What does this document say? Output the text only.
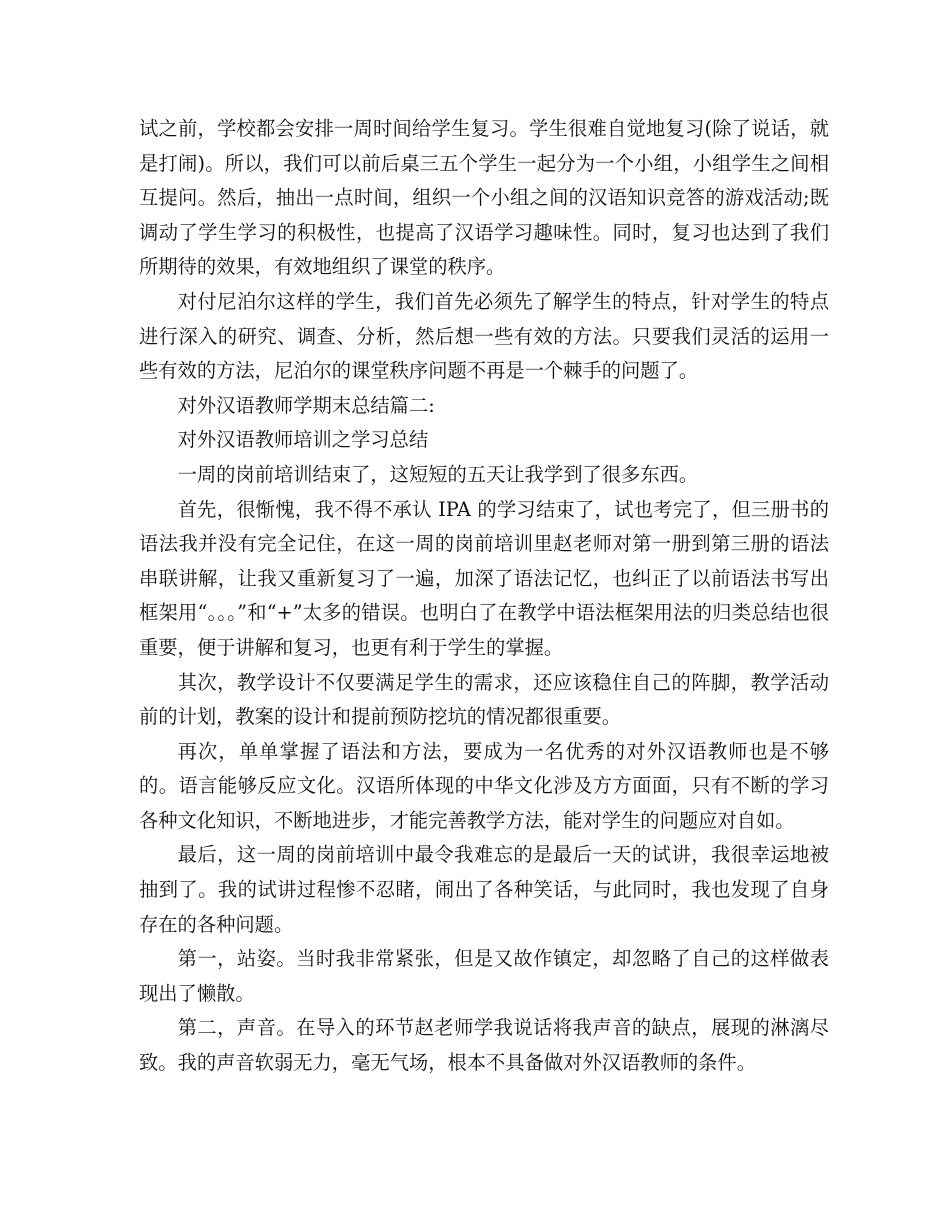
试之前，学校都会安排一周时间给学生复习。学生很难自觉地复习(除了说话，就是打闹)。所以，我们可以前后桌三五个学生一起分为一个小组，小组学生之间相互提问。然后，抽出一点时间，组织一个小组之间的汉语知识竞答的游戏活动;既调动了学生学习的积极性，也提高了汉语学习趣味性。同时，复习也达到了我们所期待的效果，有效地组织了课堂的秩序。

对付尼泊尔这样的学生，我们首先必须先了解学生的特点，针对学生的特点进行深入的研究、调查、分析，然后想一些有效的方法。只要我们灵活的运用一些有效的方法，尼泊尔的课堂秩序问题不再是一个棘手的问题了。

对外汉语教师学期末总结篇二:

对外汉语教师培训之学习总结

一周的岗前培训结束了，这短短的五天让我学到了很多东西。

首先，很惭愧，我不得不承认 IPA 的学习结束了，试也考完了，但三册书的语法我并没有完全记住，在这一周的岗前培训里赵老师对第一册到第三册的语法串联讲解，让我又重新复习了一遍，加深了语法记忆，也纠正了以前语法书写出框架用“。。。”和“+”太多的错误。也明白了在教学中语法框架用法的归类总结也很重要，便于讲解和复习，也更有利于学生的掌握。

其次，教学设计不仅要满足学生的需求，还应该稳住自己的阵脚，教学活动前的计划，教案的设计和提前预防挖坑的情况都很重要。

再次，单单掌握了语法和方法，要成为一名优秀的对外汉语教师也是不够的。语言能够反应文化。汉语所体现的中华文化涉及方方面面，只有不断的学习各种文化知识，不断地进步，才能完善教学方法，能对学生的问题应对自如。

最后，这一周的岗前培训中最令我难忘的是最后一天的试讲，我很幸运地被抽到了。我的试讲过程惨不忍睹，闹出了各种笑话，与此同时，我也发现了自身存在的各种问题。

第一，站姿。当时我非常紧张，但是又故作镇定，却忽略了自己的这样做表现出了懒散。

第二，声音。在导入的环节赵老师学我说话将我声音的缺点，展现的淋漓尽致。我的声音软弱无力，毫无气场，根本不具备做对外汉语教师的条件。
